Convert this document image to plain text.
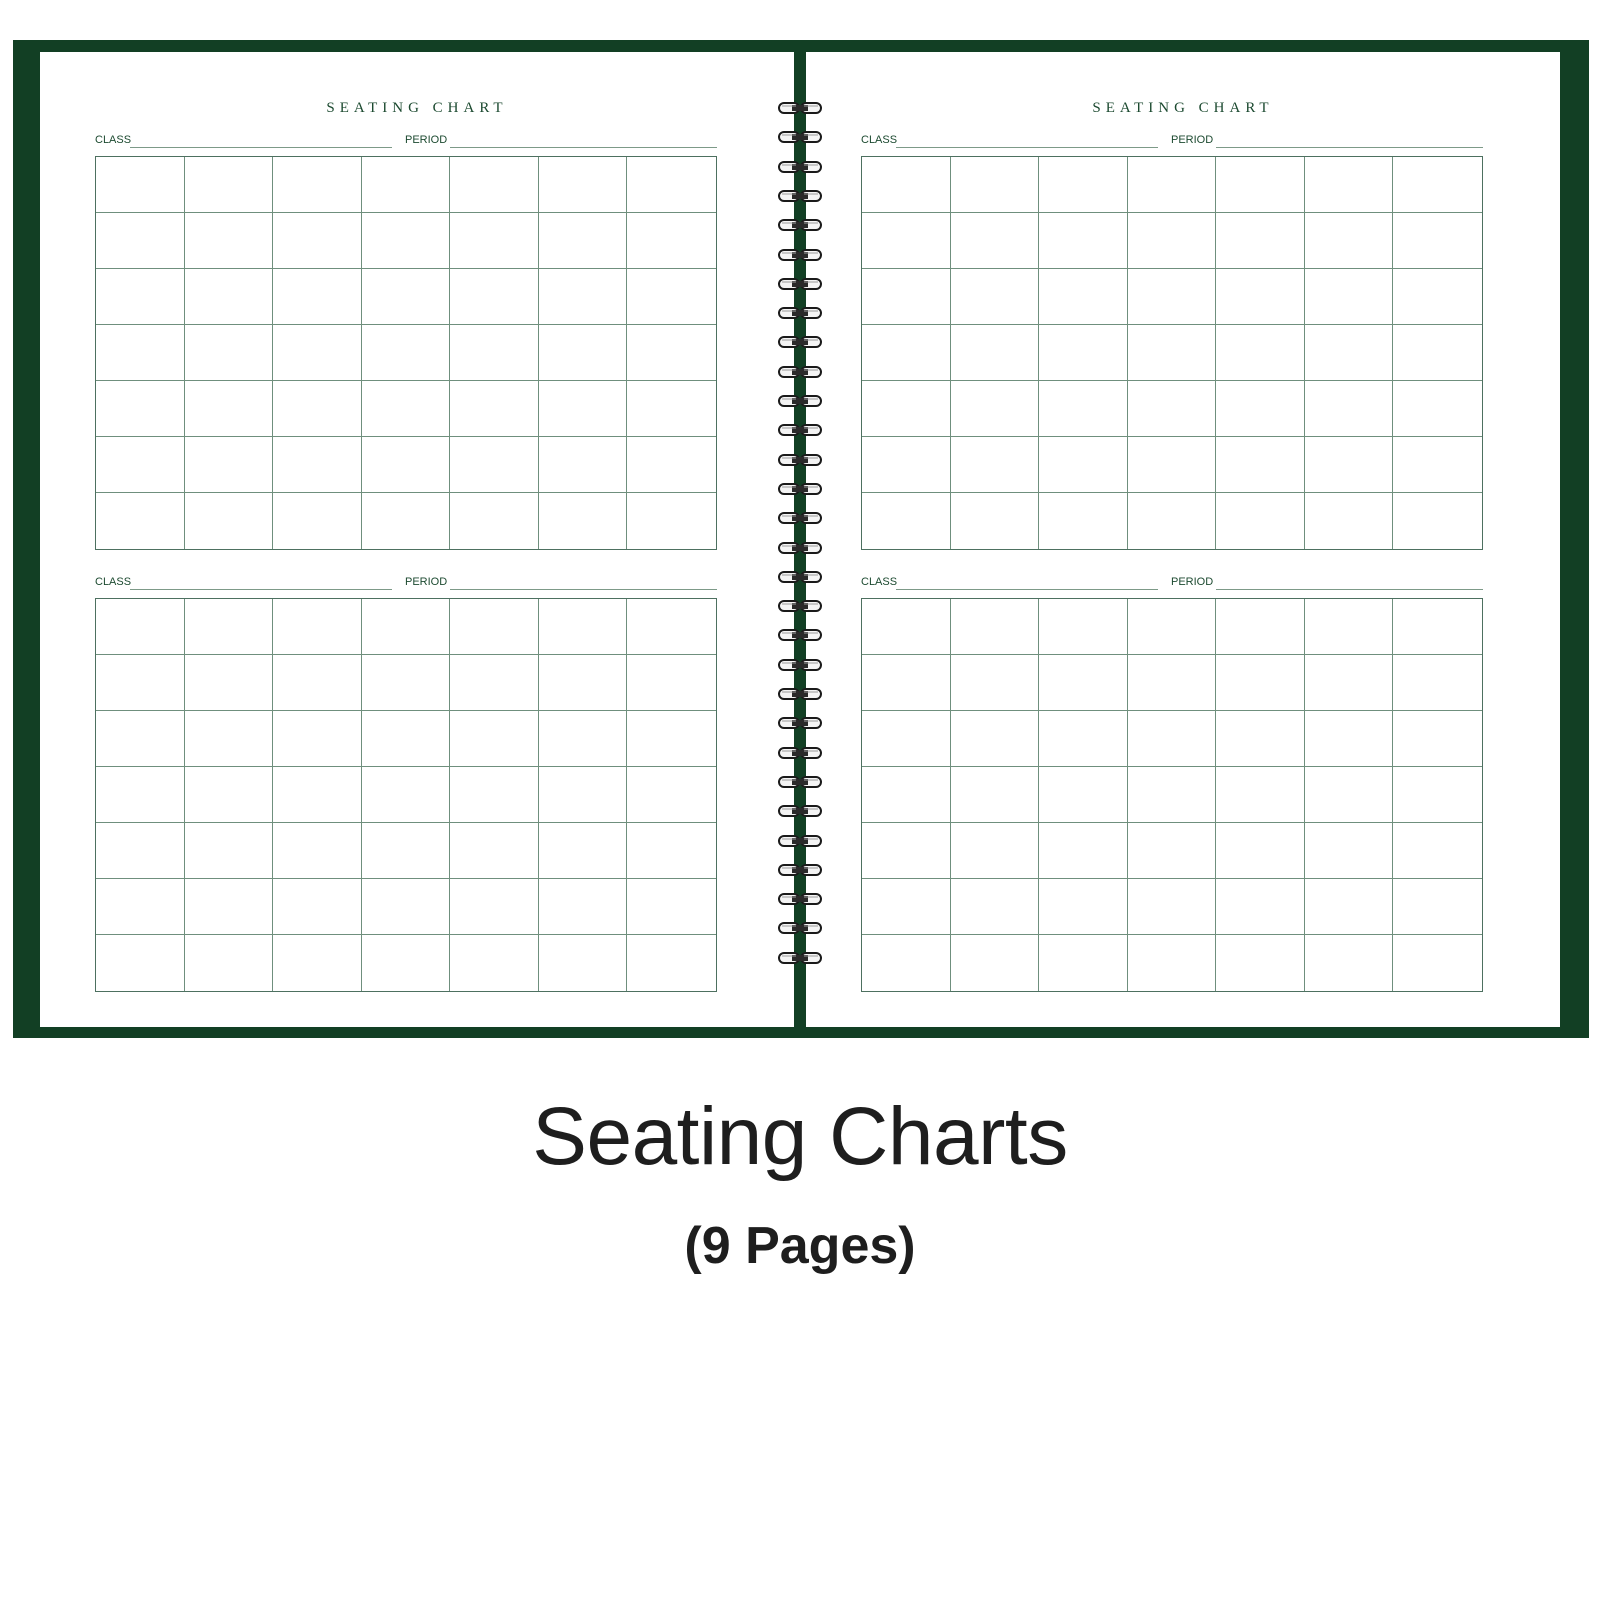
SEATING CHART
CLASS	PERIOD
CLASS	PERIOD
SEATING CHART
CLASS	PERIOD
CLASS	PERIOD
Seating Charts
(9 Pages)
